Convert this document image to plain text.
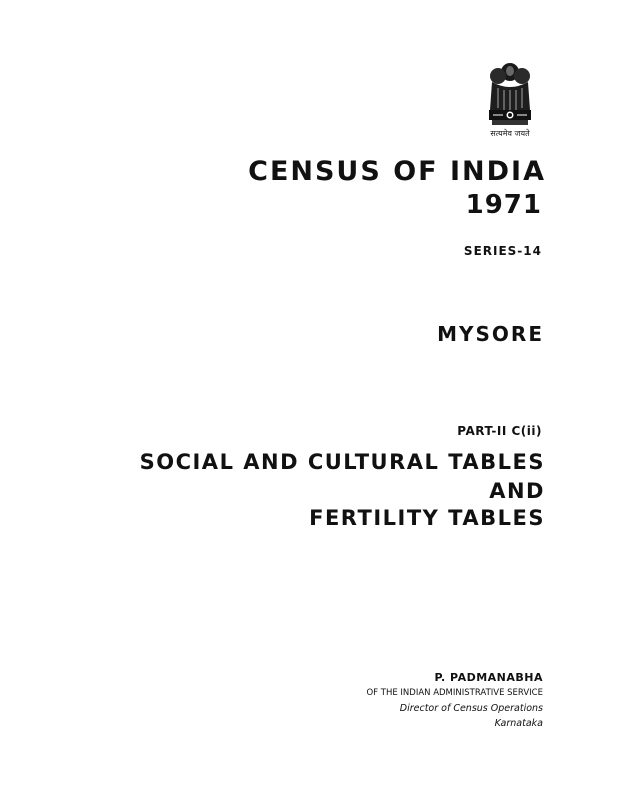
सत्यमेव जयते
CENSUS OF INDIA
1971
SERIES-14
MYSORE
PART-II C(ii)
SOCIAL AND CULTURAL TABLES
AND
FERTILITY TABLES
P. PADMANABHA
OF THE INDIAN ADMINISTRATIVE SERVICE
Director of Census Operations
Karnataka
